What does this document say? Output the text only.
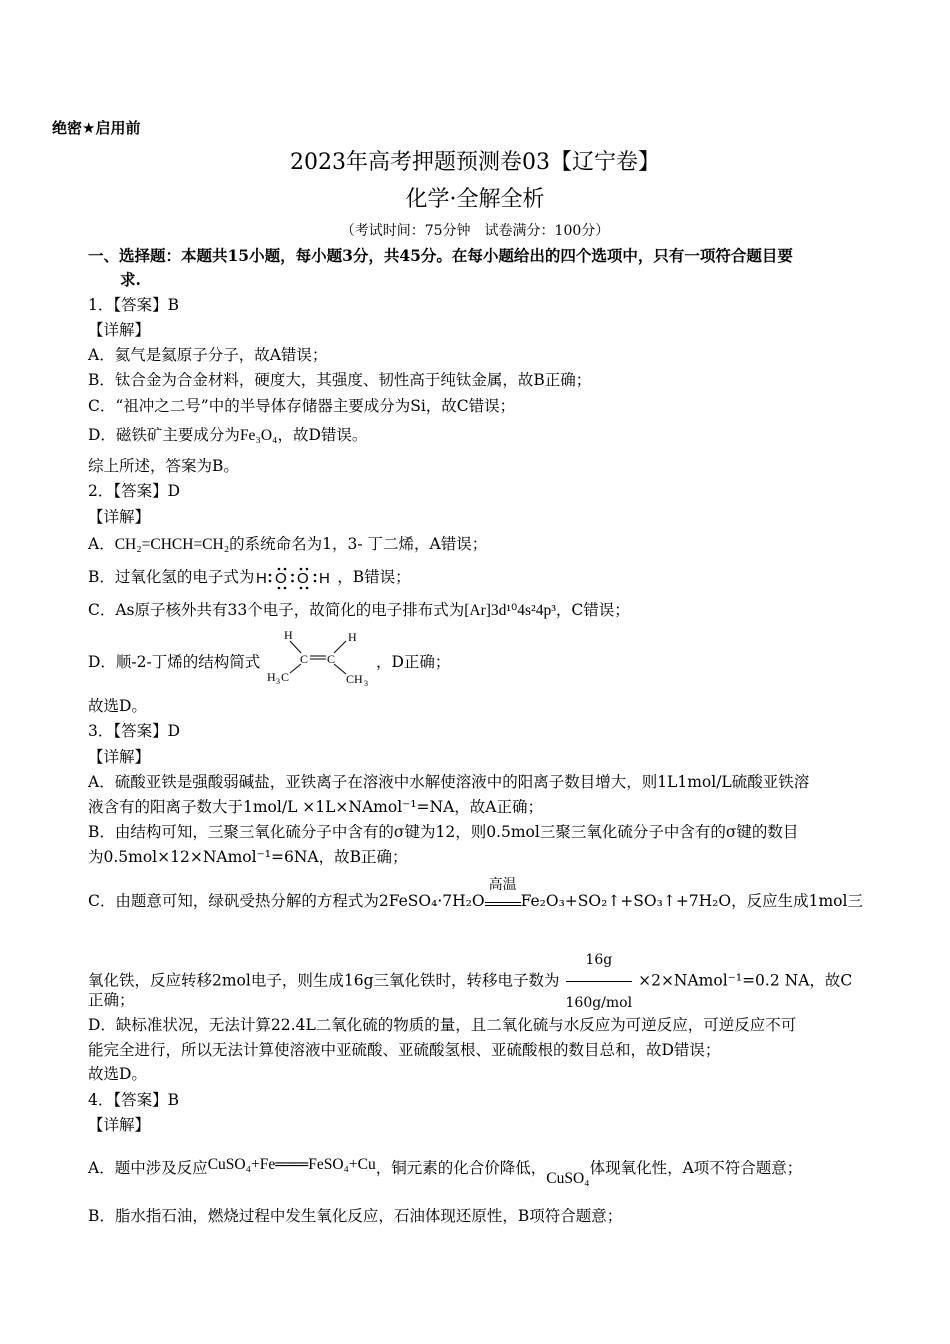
绝密★启用前
2023年高考押题预测卷03【辽宁卷】
化学·全解全析
（考试时间：75分钟　试卷满分：100分）
一、选择题：本题共15小题，每小题3分，共45分。在每小题给出的四个选项中，只有一项符合题目要
求.
1．【答案】B
【详解】
A．氦气是氦原子分子，故A错误；
B．钛合金为合金材料，硬度大，其强度、韧性高于纯钛金属，故B正确；
C．“祖冲之二号”中的半导体存储器主要成分为Si，故C错误；
D．磁铁矿主要成分为Fe₃O₄，故D错误。
综上所述，答案为B。
2．【答案】D
【详解】
A．CH₂=CHCH=CH₂的系统命名为1，3- 丁二烯，A错误；
B．过氧化氢的电子式为 H O O H ，B错误；
C．As原子核外共有33个电子，故简化的电子排布式为[Ar]3d¹⁰4s²4p³，C错误；
D．顺-2-丁烯的结构简式
H	H
C C
H 3 C	CH 3
，D正确；
故选D。
3．【答案】D
【详解】
A．硫酸亚铁是强酸弱碱盐，亚铁离子在溶液中水解使溶液中的阳离子数目增大，则1L1mol/L硫酸亚铁溶
液含有的阳离子数大于1mol/L ×1L×NAmol⁻¹=NA，故A正确；
B．由结构可知，三聚三氧化硫分子中含有的σ键为12，则0.5mol三聚三氧化硫分子中含有的σ键的数目
为0.5mol×12×NAmol⁻¹=6NA，故B正确；
C．由题意可知，绿矾受热分解的方程式为2FeSO₄·7H₂O
高温
Fe₂O₃+SO₂↑+SO₃↑+7H₂O，反应生成1mol三
氧化铁，反应转移2mol电子，则生成16g三氧化铁时，转移电子数为 $\frac{16g}{\text{160g/mol}}$ ×2×NAmol⁻¹=0.2 NA，故C
正确；
D．缺标准状况，无法计算22.4L二氧化硫的物质的量，且二氧化硫与水反应为可逆反应，可逆反应不可
能完全进行，所以无法计算使溶液中亚硫酸、亚硫酸氢根、亚硫酸根的数目总和，故D错误；
故选D。
4．【答案】B
【详解】
A．题中涉及反应CuSO₄+Fe═══FeSO₄+Cu，铜元素的化合价降低，CuSO₄体现氧化性，A项不符合题意；
B．脂水指石油，燃烧过程中发生氧化反应，石油体现还原性，B项符合题意；
